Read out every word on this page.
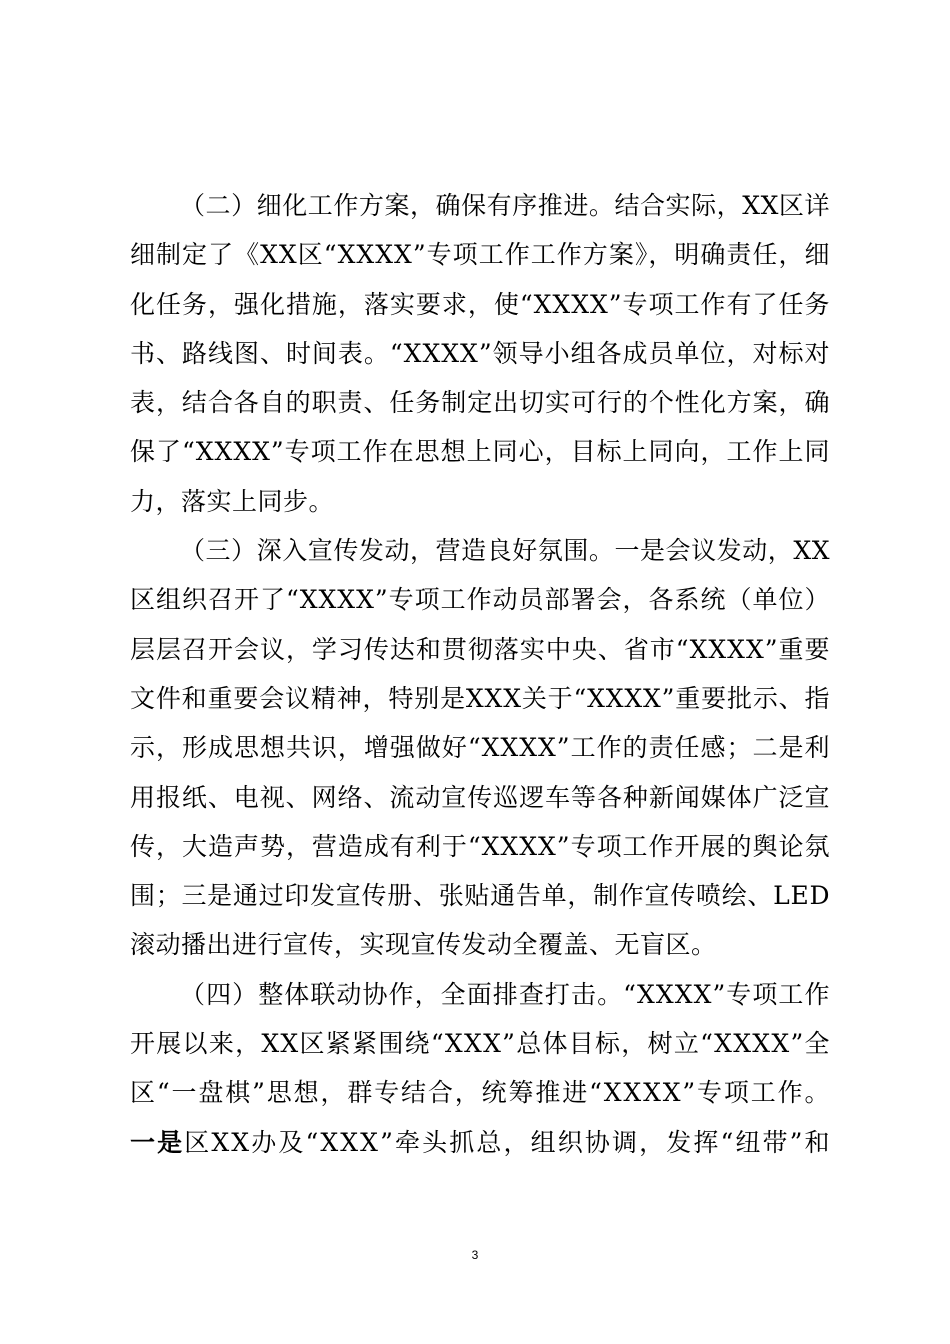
（二）细化工作方案，确保有序推进。结合实际，XX区详
细制定了《XX区“XXXX”专项工作工作方案》，明确责任，细
化任务，强化措施，落实要求，使“XXXX”专项工作有了任务
书、路线图、时间表。“XXXX”领导小组各成员单位，对标对
表，结合各自的职责、任务制定出切实可行的个性化方案，确
保了“XXXX”专项工作在思想上同心，目标上同向，工作上同
力，落实上同步。
（三）深入宣传发动，营造良好氛围。一是会议发动，XX
区组织召开了“XXXX”专项工作动员部署会，各系统（单位）
层层召开会议，学习传达和贯彻落实中央、省市“XXXX”重要
文件和重要会议精神，特别是XXX关于“XXXX”重要批示、指
示，形成思想共识，增强做好“XXXX”工作的责任感；二是利
用报纸、电视、网络、流动宣传巡逻车等各种新闻媒体广泛宣
传，大造声势，营造成有利于“XXXX”专项工作开展的舆论氛
围；三是通过印发宣传册、张贴通告单，制作宣传喷绘、LED
滚动播出进行宣传，实现宣传发动全覆盖、无盲区。
（四）整体联动协作，全面排查打击。“XXXX”专项工作
开展以来，XX区紧紧围绕“XXX”总体目标，树立“XXXX”全
区“一盘棋”思想，群专结合，统筹推进“XXXX”专项工作。
一是区XX办及“XXX”牵头抓总，组织协调，发挥“纽带”和
3
